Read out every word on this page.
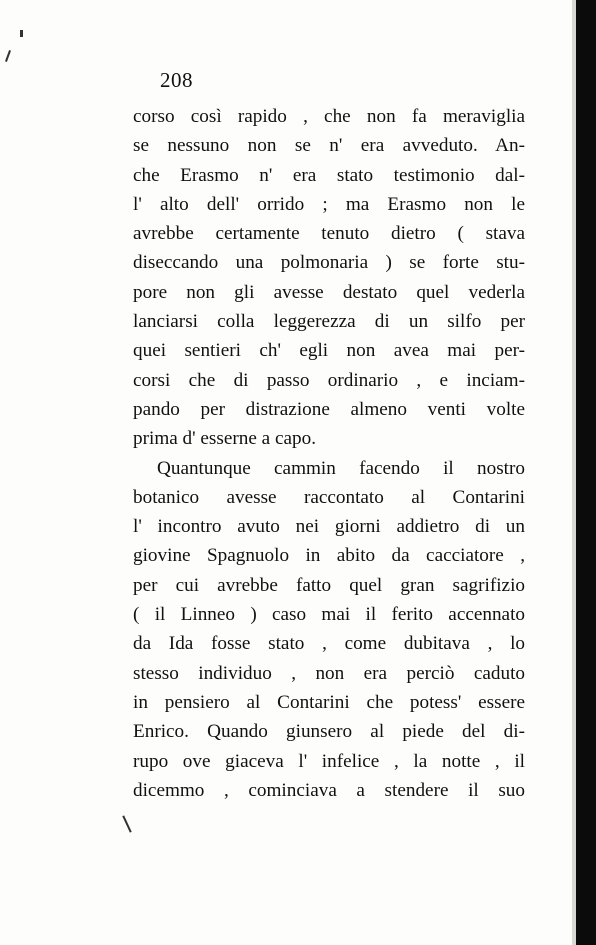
208
corso così rapido , che non fa meraviglia
se nessuno non se n' era avveduto. An-
che Erasmo n' era stato testimonio dal-
l' alto dell' orrido ; ma Erasmo non le
avrebbe certamente tenuto dietro ( stava
diseccando una polmonaria ) se forte stu-
pore non gli avesse destato quel vederla
lanciarsi colla leggerezza di un silfo per
quei sentieri ch' egli non avea mai per-
corsi che di passo ordinario , e inciam-
pando per distrazione almeno venti volte
prima d' esserne a capo.
Quantunque cammin facendo il nostro
botanico avesse raccontato al Contarini
l' incontro avuto nei giorni addietro di un
giovine Spagnuolo in abito da cacciatore ,
per cui avrebbe fatto quel gran sagrifizio
( il Linneo ) caso mai il ferito accennato
da Ida fosse stato , come dubitava , lo
stesso individuo , non era perciò caduto
in pensiero al Contarini che potess' essere
Enrico. Quando giunsero al piede del di-
rupo ove giaceva l' infelice , la notte , il
dicemmo , cominciava a stendere il suo
